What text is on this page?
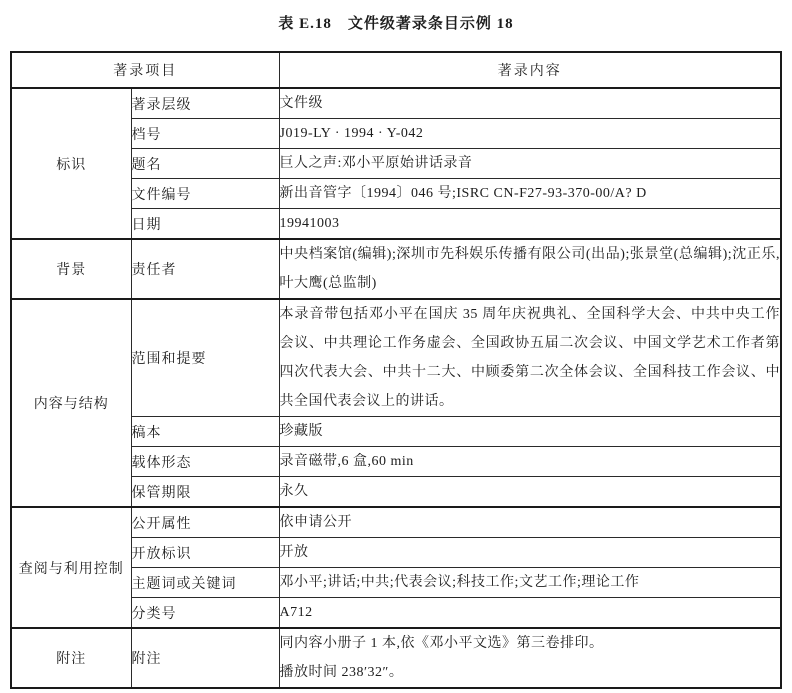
表 E.18　文件级著录条目示例 18
著录项目		著录内容
标识	著录层级	文件级

	档号	J019-LY · 1994 · Y-042

	题名	巨人之声:邓小平原始讲话录音

	文件编号	新出音管字〔1994〕046 号;ISRC CN-F27-93-370-00/A? D

	日期	19941003

背景	责任者	中央档案馆(编辑);深圳市先科娱乐传播有限公司(出品);张景堂(总编辑);沈正乐,叶大鹰(总监制)

内容与结构	范围和提要	本录音带包括邓小平在国庆 35 周年庆祝典礼、全国科学大会、中共中央工作会议、中共理论工作务虚会、全国政协五届二次会议、中国文学艺术工作者第四次代表大会、中共十二大、中顾委第二次全体会议、全国科技工作会议、中共全国代表会议上的讲话。

	稿本	珍藏版

	载体形态	录音磁带,6 盒,60 min

	保管期限	永久

查阅与利用控制	公开属性	依申请公开

	开放标识	开放

	主题词或关键词	邓小平;讲话;中共;代表会议;科技工作;文艺工作;理论工作

	分类号	A712

附注	附注	同内容小册子 1 本,依《邓小平文选》第三卷排印。
播放时间 238′32″。
